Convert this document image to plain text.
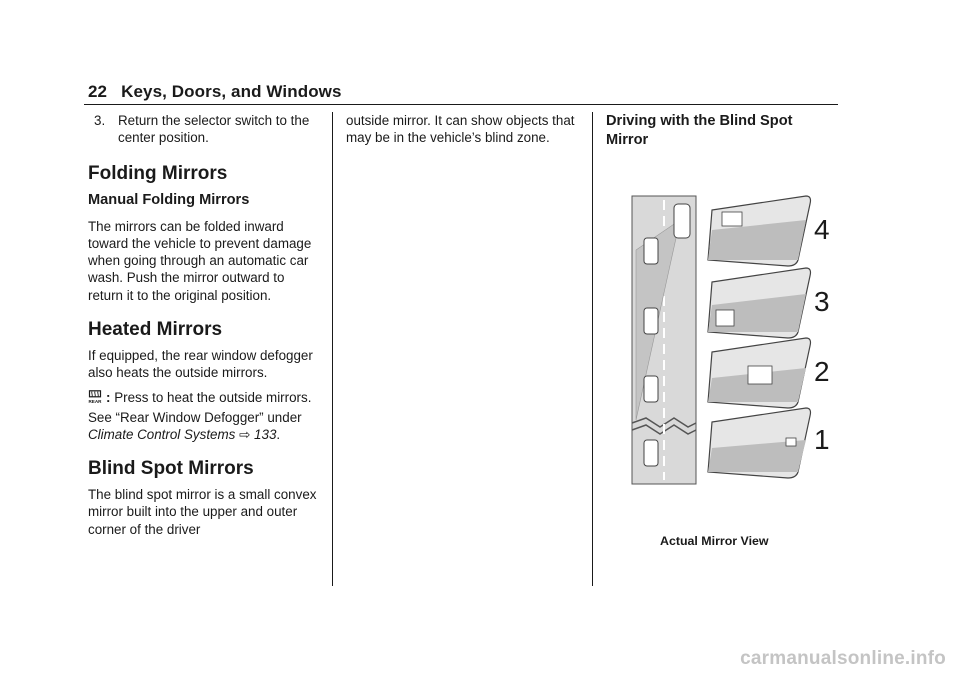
22 Keys, Doors, and Windows
3. Return the selector switch to the center position.
Folding Mirrors
Manual Folding Mirrors

The mirrors can be folded inward toward the vehicle to prevent damage when going through an automatic car wash. Push the mirror outward to return it to the original position.

Heated Mirrors

If equipped, the rear window defogger also heats the outside mirrors.

REAR : Press to heat the outside mirrors. See “Rear Window Defogger” under Climate Control Systems ⇨ 133.

Blind Spot Mirrors

The blind spot mirror is a small convex mirror built into the upper and outer corner of the driver

outside mirror. It can show objects that may be in the vehicle’s blind zone.

Driving with the Blind Spot Mirror
4
3
2
1
Actual Mirror View
carmanualsonline.info
